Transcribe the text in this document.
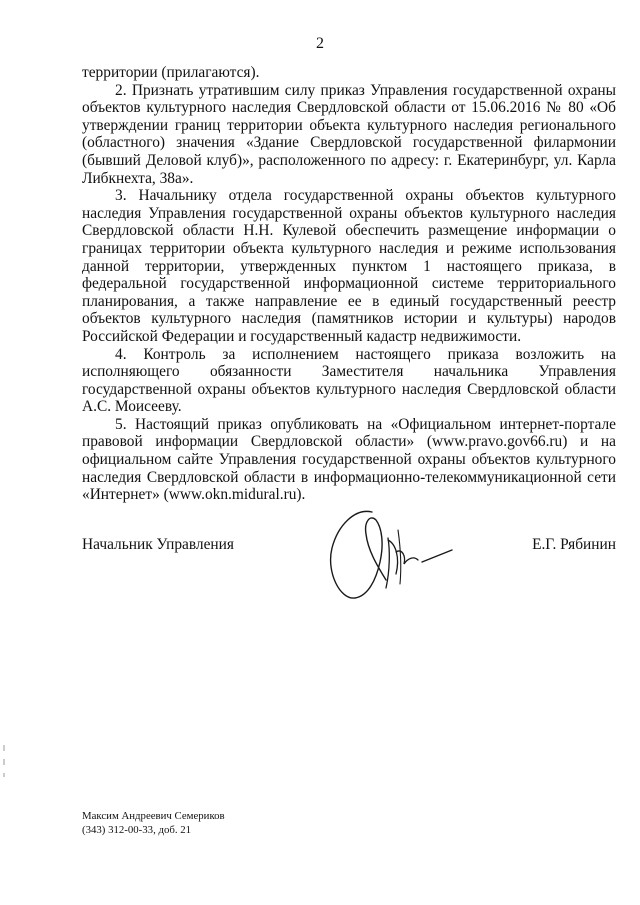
2

территории (прилагаются).

2. Признать утратившим силу приказ Управления государственной охраны объектов культурного наследия Свердловской области от 15.06.2016 № 80 «Об утверждении границ территории объекта культурного наследия регионального (областного) значения «Здание Свердловской государственной филармонии (бывший Деловой клуб)», расположенного по адресу: г. Екатеринбург, ул. Карла Либкнехта, 38а».

3. Начальнику отдела государственной охраны объектов культурного наследия Управления государственной охраны объектов культурного наследия Свердловской области Н.Н. Кулевой обеспечить размещение информации о границах территории объекта культурного наследия и режиме использования данной территории, утвержденных пунктом 1 настоящего приказа, в федеральной государственной информационной системе территориального планирования, а также направление ее в единый государственный реестр объектов культурного наследия (памятников истории и культуры) народов Российской Федерации и государственный кадастр недвижимости.

4. Контроль за исполнением настоящего приказа возложить на исполняющего обязанности Заместителя начальника Управления государственной охраны объектов культурного наследия Свердловской области А.С. Моисееву.

5. Настоящий приказ опубликовать на «Официальном интернет-портале правовой информации Свердловской области» (www.pravo.gov66.ru) и на официальном сайте Управления государственной охраны объектов культурного наследия Свердловской области в информационно-телекоммуникационной сети «Интернет» (www.okn.midural.ru).

Начальник Управления	Е.Г. Рябинин
Максим Андреевич Семериков
(343) 312-00-33, доб. 21
